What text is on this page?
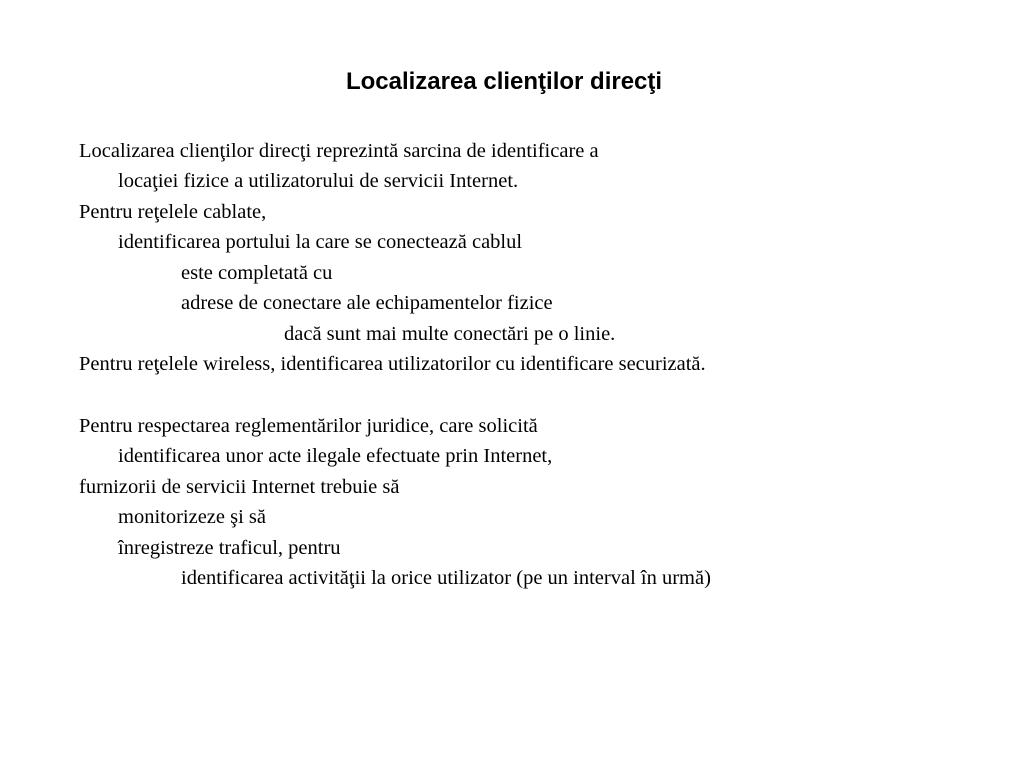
Localizarea clienţilor direcţi
Localizarea clienţilor direcţi reprezintă sarcina de identificare a
locaţiei fizice a utilizatorului de servicii Internet.
Pentru reţelele cablate,
identificarea portului la care se conectează cablul
este completată cu
adrese de conectare ale echipamentelor fizice
dacă sunt mai multe conectări pe o linie.
Pentru reţelele wireless, identificarea utilizatorilor cu identificare securizată.
Pentru respectarea reglementărilor juridice, care solicită
identificarea unor acte ilegale efectuate prin Internet,
furnizorii de servicii Internet trebuie să
monitorizeze şi să
înregistreze traficul, pentru
identificarea activităţii la orice utilizator (pe un interval în urmă)
